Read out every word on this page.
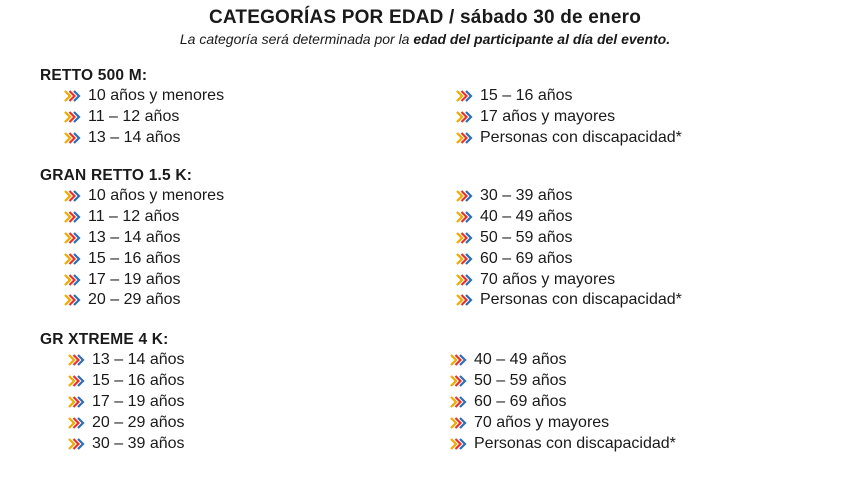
CATEGORÍAS POR EDAD / sábado 30 de enero
La categoría será determinada por la edad del participante al día del evento.
RETTO 500 M:
10 años y menores
11 – 12 años
13 – 14 años
15 – 16 años
17 años y mayores
Personas con discapacidad*
GRAN RETTO 1.5 K:
10 años y menores
11 – 12 años
13 – 14 años
15 – 16 años
17 – 19 años
20 – 29 años
30 – 39 años
40 – 49 años
50 – 59 años
60 – 69 años
70 años y mayores
Personas con discapacidad*
GR XTREME 4 K:
13 – 14 años
15 – 16 años
17 – 19 años
20 – 29 años
30 – 39 años
40 – 49 años
50 – 59 años
60 – 69 años
70 años y mayores
Personas con discapacidad*
